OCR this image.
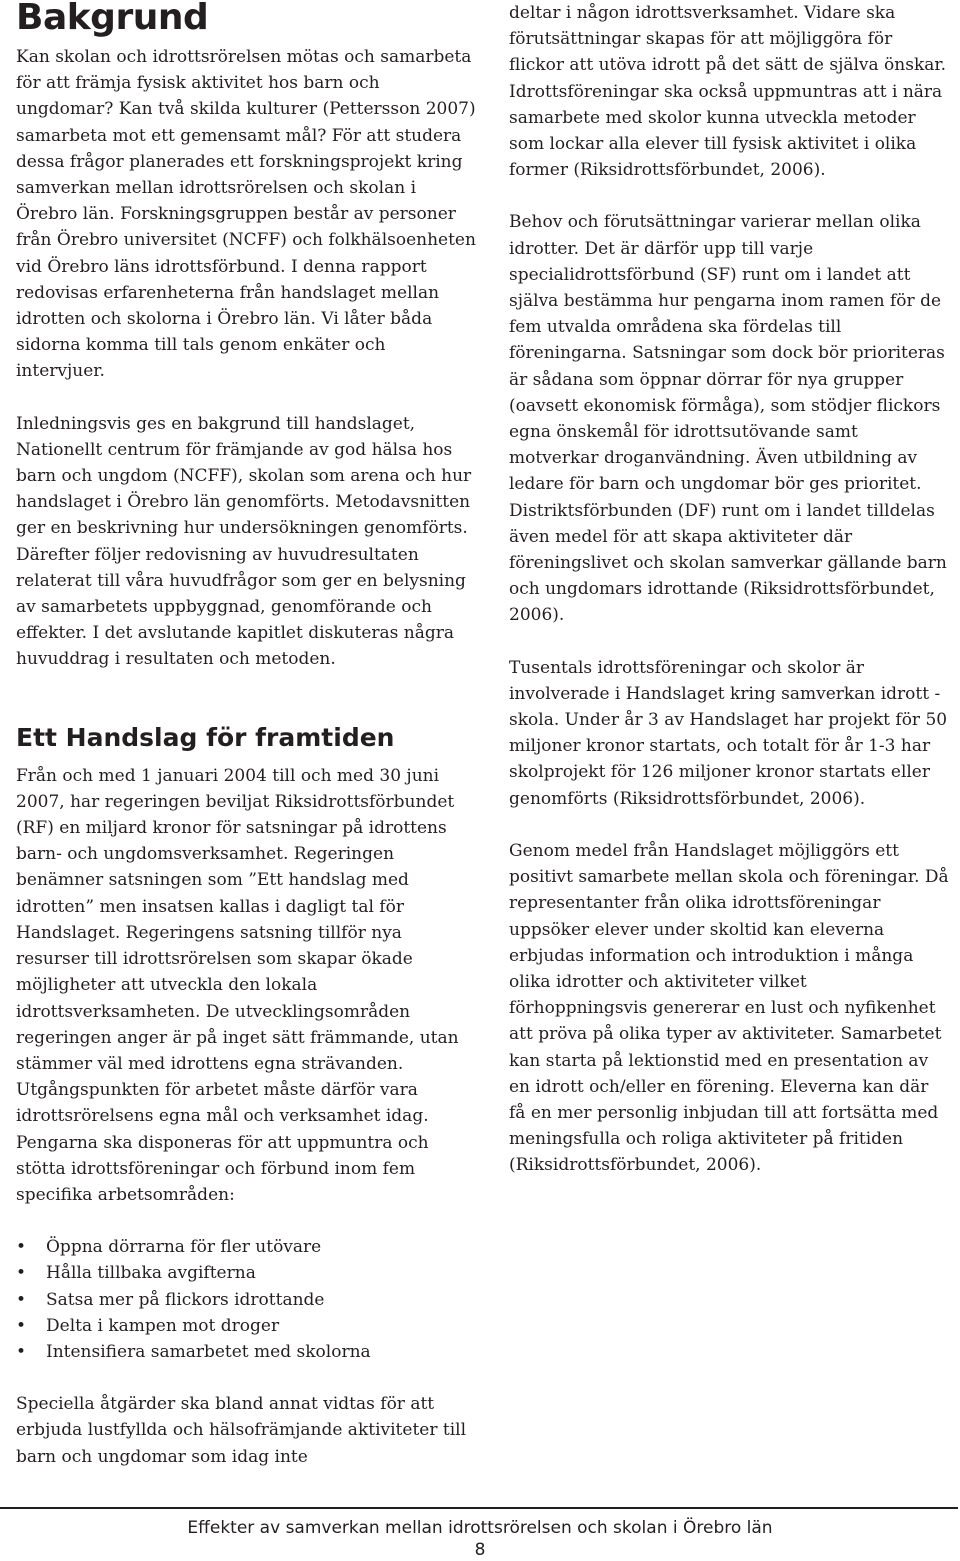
Bakgrund

Kan skolan och idrottsrörelsen mötas och samarbeta för att främja fysisk aktivitet hos barn och ungdomar? Kan två skilda kulturer (Pettersson 2007) samarbeta mot ett gemensamt mål? För att studera dessa frågor planerades ett forskningsprojekt kring samverkan mellan idrottsrörelsen och skolan i Örebro län. Forskningsgruppen består av personer från Örebro universitet (NCFF) och folkhälsoenheten vid Örebro läns idrottsförbund. I denna rapport redovisas erfarenheterna från handslaget mellan idrotten och skolorna i Örebro län. Vi låter båda sidorna komma till tals genom enkäter och intervjuer.

Inledningsvis ges en bakgrund till handslaget, Nationellt centrum för främjande av god hälsa hos barn och ungdom (NCFF), skolan som arena och hur handslaget i Örebro län genomförts. Metodavsnitten ger en beskrivning hur undersökningen genomförts. Därefter följer redovisning av huvudresultaten relaterat till våra huvudfrågor som ger en belysning av samarbetets uppbyggnad, genomförande och effekter. I det avslutande kapitlet diskuteras några huvuddrag i resultaten och metoden.

Ett Handslag för framtiden

Från och med 1 januari 2004 till och med 30 juni 2007, har regeringen beviljat Riksidrottsförbundet (RF) en miljard kronor för satsningar på idrottens barn- och ungdomsverksamhet. Regeringen benämner satsningen som ”Ett handslag med idrotten” men insatsen kallas i dagligt tal för Handslaget. Regeringens satsning tillför nya resurser till idrottsrörelsen som skapar ökade möjligheter att utveckla den lokala idrottsverksamheten. De utvecklingsområden regeringen anger är på inget sätt främmande, utan stämmer väl med idrottens egna strävanden. Utgångspunkten för arbetet måste därför vara idrottsrörelsens egna mål och verksamhet idag. Pengarna ska disponeras för att uppmuntra och stötta idrottsföreningar och förbund inom fem specifika arbetsområden:

• Öppna dörrarna för fler utövare
• Hålla tillbaka avgifterna
• Satsa mer på flickors idrottande
• Delta i kampen mot droger
• Intensifiera samarbetet med skolorna

Speciella åtgärder ska bland annat vidtas för att erbjuda lustfyllda och hälsofrämjande aktiviteter till barn och ungdomar som idag inte

deltar i någon idrottsverksamhet. Vidare ska förutsättningar skapas för att möjliggöra för flickor att utöva idrott på det sätt de själva önskar. Idrottsföreningar ska också uppmuntras att i nära samarbete med skolor kunna utveckla metoder som lockar alla elever till fysisk aktivitet i olika former (Riksidrottsförbundet, 2006).

Behov och förutsättningar varierar mellan olika idrotter. Det är därför upp till varje specialidrottsförbund (SF) runt om i landet att själva bestämma hur pengarna inom ramen för de fem utvalda områdena ska fördelas till föreningarna. Satsningar som dock bör prioriteras är sådana som öppnar dörrar för nya grupper (oavsett ekonomisk förmåga), som stödjer flickors egna önskemål för idrottsutövande samt motverkar droganvändning. Även utbildning av ledare för barn och ungdomar bör ges prioritet. Distriktsförbunden (DF) runt om i landet tilldelas även medel för att skapa aktiviteter där föreningslivet och skolan samverkar gällande barn och ungdomars idrottande (Riksidrottsförbundet, 2006).

Tusentals idrottsföreningar och skolor är involverade i Handslaget kring samverkan idrott - skola. Under år 3 av Handslaget har projekt för 50 miljoner kronor startats, och totalt för år 1-3 har skolprojekt för 126 miljoner kronor startats eller genomförts (Riksidrottsförbundet, 2006).

Genom medel från Handslaget möjliggörs ett positivt samarbete mellan skola och föreningar. Då representanter från olika idrottsföreningar uppsöker elever under skoltid kan eleverna erbjudas information och introduktion i många olika idrotter och aktiviteter vilket förhoppningsvis genererar en lust och nyfikenhet att pröva på olika typer av aktiviteter. Samarbetet kan starta på lektionstid med en presentation av en idrott och/eller en förening. Eleverna kan där få en mer personlig inbjudan till att fortsätta med meningsfulla och roliga aktiviteter på fritiden (Riksidrottsförbundet, 2006).

Effekter av samverkan mellan idrottsrörelsen och skolan i Örebro län
8
